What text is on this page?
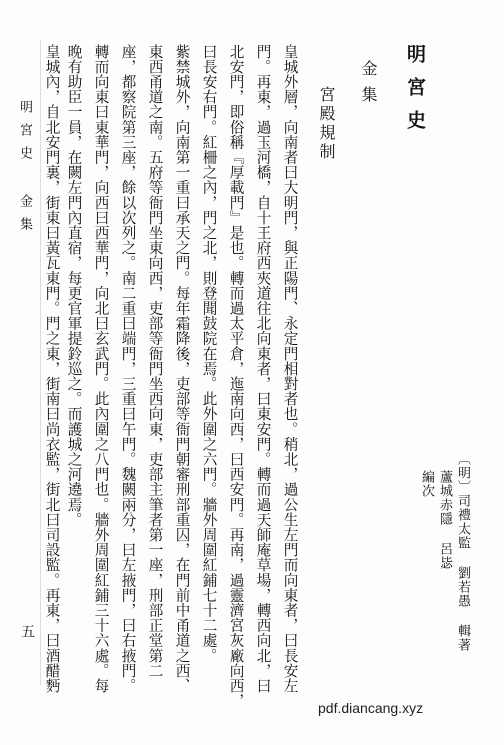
明宮史
金集
宮殿規制
〔明〕司禮太監 劉若愚 輯著
蘆城赤隱 呂毖
編次
皇城外層，向南者曰大明門，與正陽門、永定門相對者也。稍北，過公生左門而向東者，曰長安左
門。再東，過玉河橋，自十王府西夾道往北向東者，曰東安門。轉而過天師庵草場，轉西向北，曰
北安門，即俗稱『厚載門』是也。轉而過太平倉，迤南向西，曰西安門。再南，過靈濟宮灰廠向西，
曰長安右門。紅柵之內，門之北，則登聞鼓院在焉。此外圍之六門。牆外周圍紅鋪七十二處。
紫禁城外，向南第一重曰承天之門。每年霜降後，吏部等衙門朝審刑部重囚，在門前中甬道之西、
東西甬道之南。五府等衙門坐東向西，吏部等衙門坐西向東，吏部主筆者第一座，刑部正堂第二
座，都察院第三座，餘以次列之。南二重曰端門，三重曰午門。魏闕兩分，曰左掖門，曰右掖門。
轉而向東曰東華門，向西曰西華門，向北曰玄武門。此內圍之八門也。牆外周圍紅鋪三十六處。每
晚有助臣一員，在闕左門內直宿，每更官軍提鈴巡之。而護城之河遶焉。
皇城內，自北安門裏，街東曰黃瓦東門。門之東，街南曰尚衣監，街北曰司設監。再東，曰酒醋麪
明宮史 金集
五
pdf.diancang.xyz
